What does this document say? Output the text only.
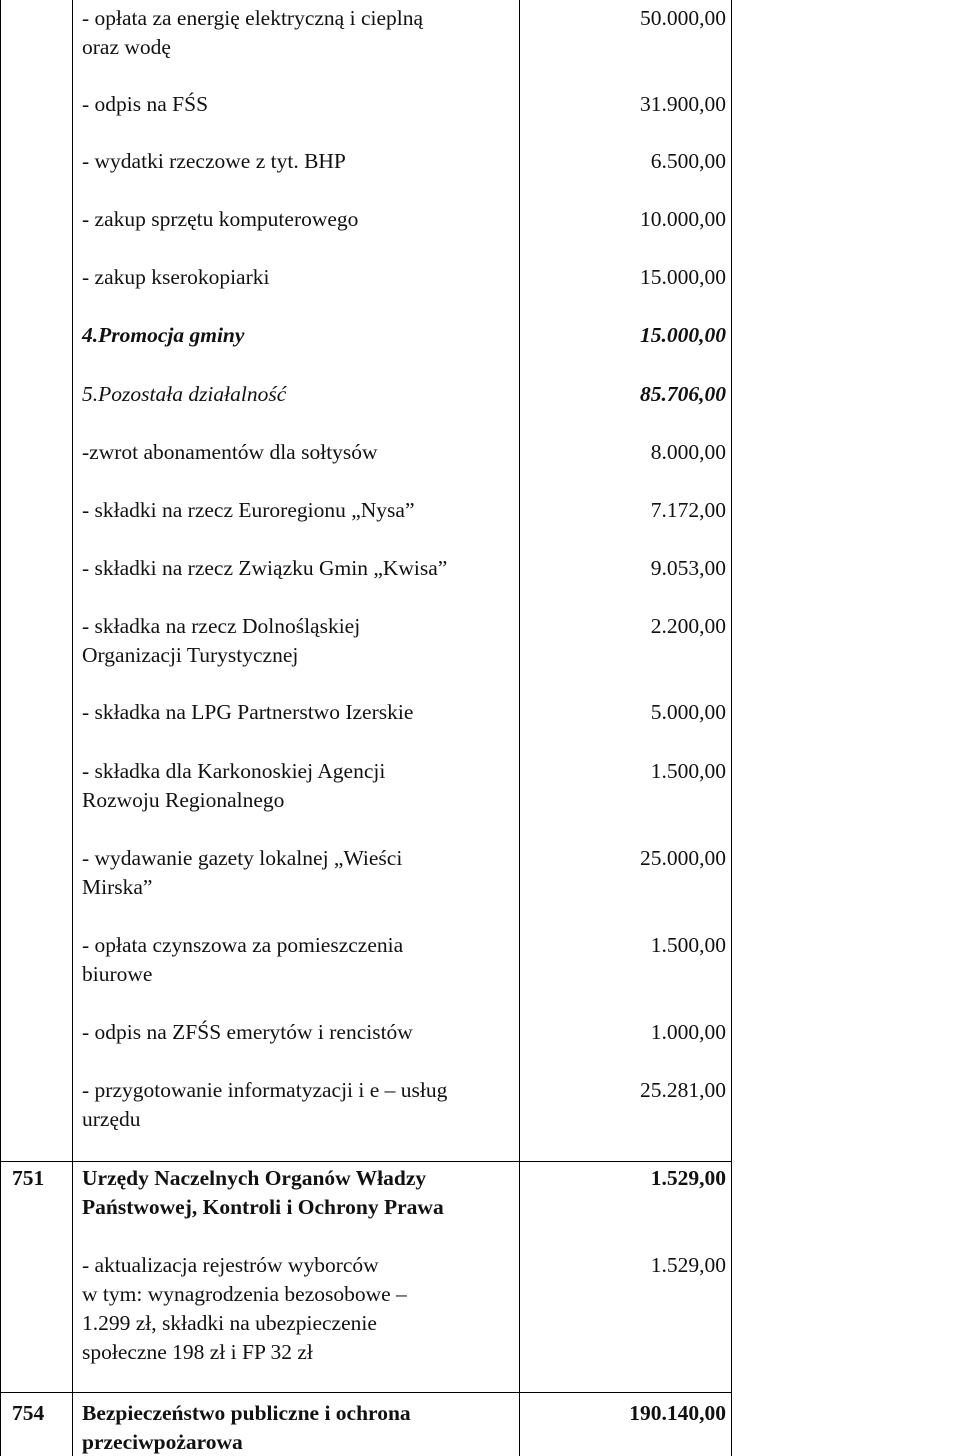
- opłata za energię elektryczną i cieplną
oraz wodę
50.000,00
- odpis na FŚS	31.900,00
- wydatki rzeczowe z tyt. BHP	6.500,00
- zakup sprzętu komputerowego	10.000,00
- zakup kserokopiarki	15.000,00
4.Promocja gminy	15.000,00
5.Pozostała działalność	85.706,00
-zwrot abonamentów dla sołtysów	8.000,00
- składki na rzecz Euroregionu „Nysa”	7.172,00
- składki na rzecz Związku Gmin „Kwisa”	9.053,00
- składka na rzecz Dolnośląskiej
Organizacji Turystycznej
2.200,00
- składka na LPG Partnerstwo Izerskie	5.000,00
- składka dla Karkonoskiej Agencji
Rozwoju Regionalnego
1.500,00
- wydawanie gazety lokalnej „Wieści
Mirska”
25.000,00
- opłata czynszowa za pomieszczenia
biurowe
1.500,00
- odpis na ZFŚS emerytów i rencistów	1.000,00
- przygotowanie informatyzacji i e – usług
urzędu
25.281,00
751 Urzędy Naczelnych Organów Władzy
Państwowej, Kontroli i Ochrony Prawa
1.529,00
- aktualizacja rejestrów wyborców
w tym: wynagrodzenia bezosobowe –
1.299 zł, składki na ubezpieczenie
społeczne 198 zł i FP 32 zł
1.529,00
754 Bezpieczeństwo publiczne i ochrona
przeciwpożarowa
190.140,00
